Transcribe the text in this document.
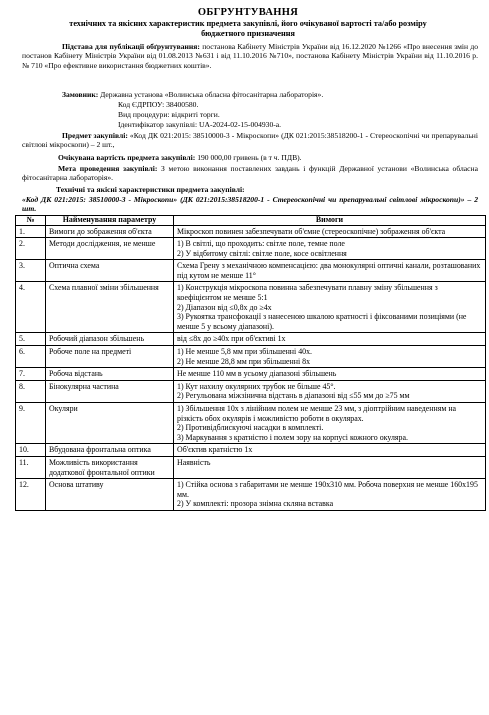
ОБГРУНТУВАННЯ
технічних та якісних характеристик предмета закупівлі, його очікуваної вартості та/або розміру
бюджетного призначення
Підстава для публікації обґрунтування: постанова Кабінету Міністрів України від 16.12.2020 №1266 «Про внесення змін до постанов Кабінету Міністрів України від 01.08.2013 №631 і від 11.10.2016 №710», постанова Кабінету Міністрів України від 11.10.2016 р. № 710 «Про ефективне використання бюджетних коштів».
Замовник: Державна установа «Волинська обласна фітосанітарна лабораторія».
Код ЄДРПОУ: 38400580.
Вид процедури: відкриті торги.
Ідентифікатор закупівлі: UA-2024-02-15-004930-a.
Предмет закупівлі: «Код ДК 021:2015: 38510000-3 - Мікроскопи» (ДК 021:2015:38518200-1 - Стереоскопічні чи препарувальні світлові мікроскопи) – 2 шт.,
Очікувана вартість предмета закупівлі: 190 000,00 гривень (в т ч. ПДВ).
Мета проведення закупівлі: З метою виконання поставлених завдань і функцій Державної установи «Волинська обласна фітосанітарна лабораторія».
Технічні та якісні характеристики предмета закупівлі:
«Код ДК 021:2015: 38510000-3 - Мікроскопи» (ДК 021:2015:38518200-1 - Стереоскопічні чи препарувальні світлові мікроскопи)» – 2 шт.
№	Найменування параметру	Вимоги
1.	Вимоги до зображення об'єкта	Мікроскоп повинен забезпечувати об'ємне (стереоскопічне) зображення об'єкта

2.	Методи дослідження, не менше	1) В світлі, що проходить: світле поле, темне поле
2) У відбитому світлі: світле поле, косе освітлення

3.	Оптична схема	Схема Гренy з механічною компенсацією: два монокулярні оптичні канали, розташованих під кутом не менше 11°

4.	Схема плавної зміни збільшення	1) Конструкція мікроскопа повинна забезпечувати плавну зміну збільшення з коефіцієнтом не менше 5:1
2) Діапазон від ≤0,8х до ≥4х
3) Рукоятка трансфокації з нанесеною шкалою кратності і фіксованими позиціями (не менше 5 у всьому діапазоні).

5.	Робочий діапазон збільшень	від ≤8х до ≥40х при об'єктиві 1х

6.	Робоче поле на предметі	1) Не менше 5,8 мм при збільшенні 40х.
2) Не менше 28,8 мм при збільшенні 8х

7.	Робоча відстань	Не менше 110 мм в усьому діапазоні збільшень

8.	Бінокулярна частина	1) Кут нахилу окулярних трубок не більше 45°.
2) Регульована міжзінична відстань в діапазоні від ≤55 мм до ≥75 мм

9.	Окуляри	1) Збільшення 10х з лінійним полем не менше 23 мм, з діоптрійним наведенням на різкість обох окулярів і можливістю роботи в окулярах.
2) Противідблискуючі насадки в комплекті.
3) Маркування з кратністю і полем зору на корпусі кожного окуляра.

10.	Вбудована фронтальна оптика	Об'єктив кратністю 1х

11.	Можливість використання додаткової фронтальної оптики	Наявність

12.	Основа штативу	1) Стійка основа з габаритами не менше 190х310 мм. Робоча поверхня не менше 160х195 мм.
2) У комплекті: прозора знімна скляна вставка
